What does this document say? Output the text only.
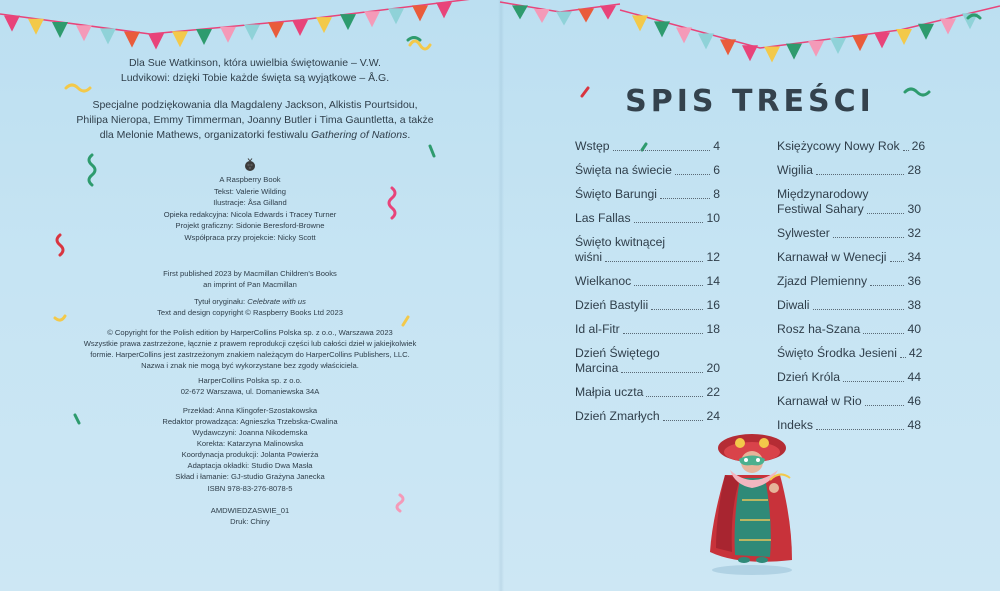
Dla Sue Watkinson, która uwielbia świętowanie – V.W.
Ludvikowi: dzięki Tobie każde święta są wyjątkowe – Å.G.
Specjalne podziękowania dla Magdaleny Jackson, Alkistis Pourtsidou,
Philipa Nieropa, Emmy Timmerman, Joanny Butler i Tima Gauntletta, a także
dla Melonie Mathews, organizatorki festiwalu Gathering of Nations.
A Raspberry Book
Tekst: Valerie Wilding
Ilustracje: Åsa Gilland
Opieka redakcyjna: Nicola Edwards i Tracey Turner
Projekt graficzny: Sidonie Beresford-Browne
Współpraca przy projekcie: Nicky Scott
First published 2023 by Macmillan Children's Books
an imprint of Pan Macmillan
Tytuł oryginału: Celebrate with us
Text and design copyright © Raspberry Books Ltd 2023
© Copyright for the Polish edition by HarperCollins Polska sp. z o.o., Warszawa 2023
Wszystkie prawa zastrzeżone, łącznie z prawem reprodukcji części lub całości dzieł w jakiejkolwiek
formie. HarperCollins jest zastrzeżonym znakiem należącym do HarperCollins Publishers, LLC.
Nazwa i znak nie mogą być wykorzystane bez zgody właściciela.
HarperCollins Polska sp. z o.o.
02-672 Warszawa, ul. Domaniewska 34A
Przekład: Anna Klingofer-Szostakowska
Redaktor prowadząca: Agnieszka Trzebska-Cwalina
Wydawczyni: Joanna Nikodemska
Korekta: Katarzyna Malinowska
Koordynacja produkcji: Jolanta Powierża
Adaptacja okładki: Studio Dwa Masła
Skład i łamanie: GJ-studio Grażyna Janecka
ISBN 978-83-276-8078-5
AMDWIEDZASWIE_01
Druk: Chiny
SPIS TREŚCI
Wstęp	4
Święta na świecie	6
Święto Barungi	8
Las Fallas	10
Święto kwitnącej
wiśni	12
Wielkanoc	14
Dzień Bastylii	16
Id al-Fitr	18
Dzień Świętego
Marcina	20
Małpia uczta	22
Dzień Zmarłych	24
Księżycowy Nowy Rok 26
Wigilia	28
Międzynarodowy
Festiwal Sahary	30
Sylwester	32
Karnawał w Wenecji 34
Zjazd Plemienny	36
Diwali	38
Rosz ha-Szana	40
Święto Środka Jesieni 42
Dzień Króla	44
Karnawał w Rio	46
Indeks	48
